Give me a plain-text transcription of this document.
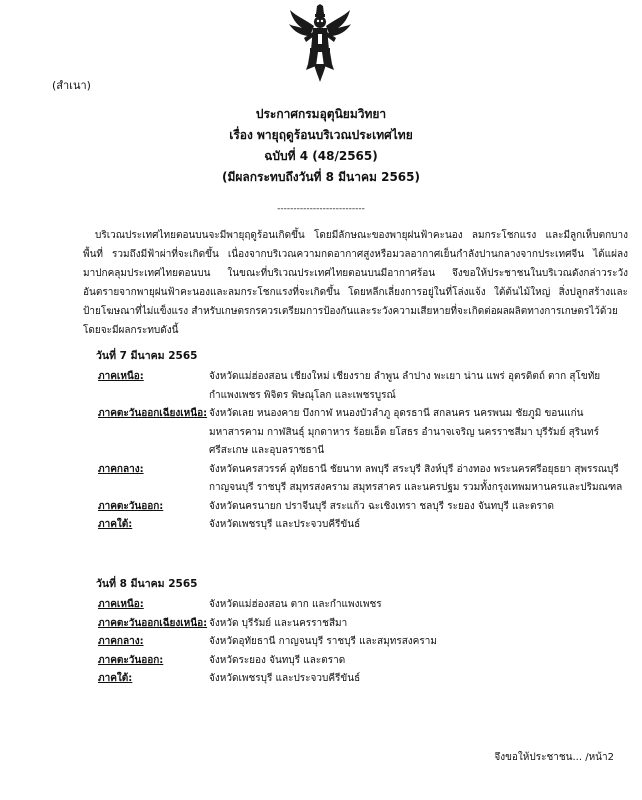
(สำเนา)
ประกาศกรมอุตุนิยมวิทยา
เรื่อง พายุฤดูร้อนบริเวณประเทศไทย
ฉบับที่ 4 (48/2565)
(มีผลกระทบถึงวันที่ 8 มีนาคม 2565)
---------------------------

บริเวณประเทศไทยตอนบนจะมีพายุฤดูร้อนเกิดขึ้น โดยมีลักษณะของพายุฝนฟ้าคะนอง ลมกระโชกแรง และมีลูกเห็บตกบางพื้นที่ รวมถึงมีฟ้าผ่าที่จะเกิดขึ้น เนื่องจากบริเวณความกดอากาศสูงหรือมวลอากาศเย็นกำลังปานกลางจากประเทศจีน ได้แผ่ลงมาปกคลุมประเทศไทยตอนบน ในขณะที่บริเวณประเทศไทยตอนบนมีอากาศร้อน จึงขอให้ประชาชนในบริเวณดังกล่าวระวังอันตรายจากพายุฝนฟ้าคะนองและลมกระโชกแรงที่จะเกิดขึ้น โดยหลีกเลี่ยงการอยู่ในที่โล่งแจ้ง ใต้ต้นไม้ใหญ่ สิ่งปลูกสร้างและป้ายโฆษณาที่ไม่แข็งแรง สำหรับเกษตรกรควรเตรียมการป้องกันและระวังความเสียหายที่จะเกิดต่อผลผลิตทางการเกษตรไว้ด้วย

โดยจะมีผลกระทบดังนี้

วันที่ 7 มีนาคม 2565
ภาคเหนือ:	จังหวัดแม่ฮ่องสอน เชียงใหม่ เชียงราย ลำพูน ลำปาง พะเยา น่าน แพร่ อุตรดิตถ์ ตาก สุโขทัย กำแพงเพชร พิจิตร พิษณุโลก และเพชรบูรณ์
ภาคตะวันออกเฉียงเหนือ: จังหวัดเลย หนองคาย บึงกาฬ หนองบัวลำภู อุดรธานี สกลนคร นครพนม ชัยภูมิ ขอนแก่น มหาสารคาม กาฬสินธุ์ มุกดาหาร ร้อยเอ็ด ยโสธร อำนาจเจริญ นครราชสีมา บุรีรัมย์ สุรินทร์ ศรีสะเกษ และอุบลราชธานี
ภาคกลาง:	จังหวัดนครสวรรค์ อุทัยธานี ชัยนาท ลพบุรี สระบุรี สิงห์บุรี อ่างทอง พระนครศรีอยุธยา สุพรรณบุรี กาญจนบุรี ราชบุรี สมุทรสงคราม สมุทรสาคร และนครปฐม รวมทั้งกรุงเทพมหานครและปริมณฑล
ภาคตะวันออก:	จังหวัดนครนายก ปราจีนบุรี สระแก้ว ฉะเชิงเทรา ชลบุรี ระยอง จันทบุรี และตราด
ภาคใต้:	จังหวัดเพชรบุรี และประจวบคีรีขันธ์
วันที่ 8 มีนาคม 2565
ภาคเหนือ:	จังหวัดแม่ฮ่องสอน ตาก และกำแพงเพชร
ภาคตะวันออกเฉียงเหนือ: จังหวัด บุรีรัมย์ และนครราชสีมา
ภาคกลาง:	จังหวัดอุทัยธานี กาญจนบุรี ราชบุรี และสมุทรสงคราม
ภาคตะวันออก:	จังหวัดระยอง จันทบุรี และตราด
ภาคใต้:	จังหวัดเพชรบุรี และประจวบคีรีขันธ์
จึงขอให้ประชาชน... /หน้า2
